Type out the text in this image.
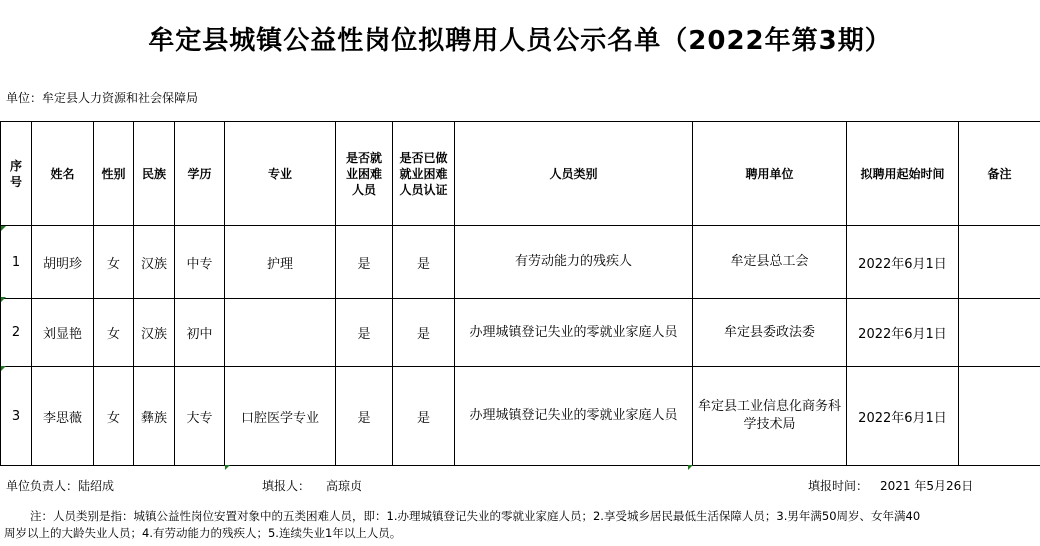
牟定县城镇公益性岗位拟聘用人员公示名单（2022年第3期）
单位：牟定县人力资源和社会保障局
序号	姓名	性别	民族	学历	专业	是否就业困难人员	是否已做就业困难人员认证	人员类别	聘用单位	拟聘用起始时间	备注
1	胡明珍	女	汉族	中专	护理	是	是	有劳动能力的残疾人	牟定县总工会	2022年6月1日	
2	刘显艳	女	汉族	初中		是	是	办理城镇登记失业的零就业家庭人员	牟定县委政法委	2022年6月1日	
3	李思薇	女	彝族	大专	口腔医学专业	是	是	办理城镇登记失业的零就业家庭人员	牟定县工业信息化商务科学技术局	2022年6月1日	
单位负责人：陆绍成	填报人： 高琼贞	填报时间： 2021 年5月26日
注：人员类别是指：城镇公益性岗位安置对象中的五类困难人员，即：1.办理城镇登记失业的零就业家庭人员；2.享受城乡居民最低生活保障人员；3.男年满50周岁、女年满40
周岁以上的大龄失业人员；4.有劳动能力的残疾人；5.连续失业1年以上人员。
